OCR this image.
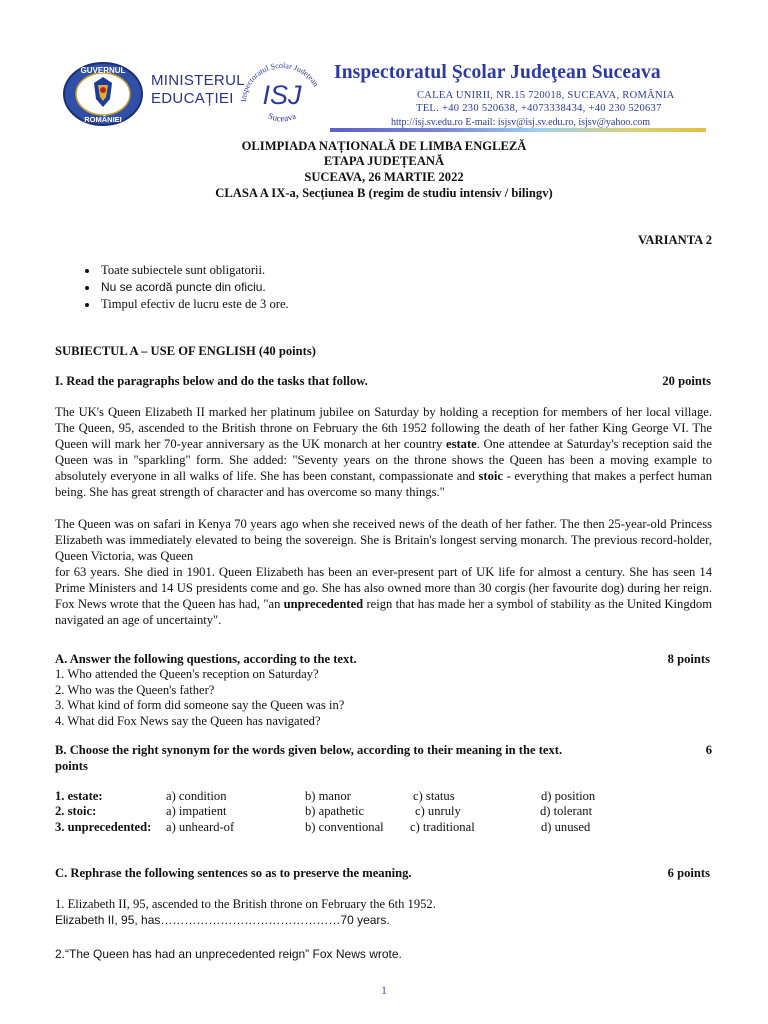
GUVERNUL
ROMÂNIEI
MINISTERUL
EDUCAȚIEI Inspectoratul Școlar Județean
ISJ
Suceava
Inspectoratul Şcolar Judeţean Suceava
CALEA UNIRII, NR.15 720018, SUCEAVA, ROMÂNIA
TEL. +40 230 520638, +4073338434, +40 230 520637
http://isj.sv.edu.ro E-mail: isjsv@isj.sv.edu.ro, isjsv@yahoo.com
OLIMPIADA NAȚIONALĂ DE LIMBA ENGLEZĂ
ETAPA JUDEȚEANĂ
SUCEAVA, 26 MARTIE 2022
CLASA A IX-a, Secțiunea B (regim de studiu intensiv / bilingv)
VARIANTA 2
• Toate subiectele sunt obligatorii.
• Nu se acordă puncte din oficiu.
• Timpul efectiv de lucru este de 3 ore.
SUBIECTUL A – USE OF ENGLISH (40 points)
I. Read the paragraphs below and do the tasks that follow.	20 points
The UK's Queen Elizabeth II marked her platinum jubilee on Saturday by holding a reception for members of her local village. The Queen, 95, ascended to the British throne on February the 6th 1952 following the death of her father King George VI. The Queen will mark her 70-year anniversary as the UK monarch at her country estate. One attendee at Saturday's reception said the Queen was in "sparkling" form. She added: "Seventy years on the throne shows the Queen has been a moving example to absolutely everyone in all walks of life. She has been constant, compassionate and stoic - everything that makes a perfect human being. She has great strength of character and has overcome so many things."
The Queen was on safari in Kenya 70 years ago when she received news of the death of her father. The then 25-year-old Princess Elizabeth was immediately elevated to being the sovereign. She is Britain's longest serving monarch. The previous record-holder, Queen Victoria, was Queen
for 63 years. She died in 1901. Queen Elizabeth has been an ever-present part of UK life for almost a century. She has seen 14 Prime Ministers and 14 US presidents come and go. She has also owned more than 30 corgis (her favourite dog) during her reign. Fox News wrote that the Queen has had, "an unprecedented reign that has made her a symbol of stability as the United Kingdom navigated an age of uncertainty".
A. Answer the following questions, according to the text.	8 points
1. Who attended the Queen's reception on Saturday?
2. Who was the Queen's father?
3. What kind of form did someone say the Queen was in?
4. What did Fox News say the Queen has navigated?
B. Choose the right synonym for the words given below, according to their meaning in the text.	6
points
1. estate:	a) condition	b) manor	c) status	d) position
2. stoic:	a) impatient	b) apathetic	c) unruly	d) tolerant
3. unprecedented: a) unheard-of	b) conventional c) traditional	d) unused
C. Rephrase the following sentences so as to preserve the meaning.	6 points
1. Elizabeth II, 95, ascended to the British throne on February the 6th 1952.
Elizabeth II, 95, has………………………………………70 years.
2.“The Queen has had an unprecedented reign” Fox News wrote.
1
